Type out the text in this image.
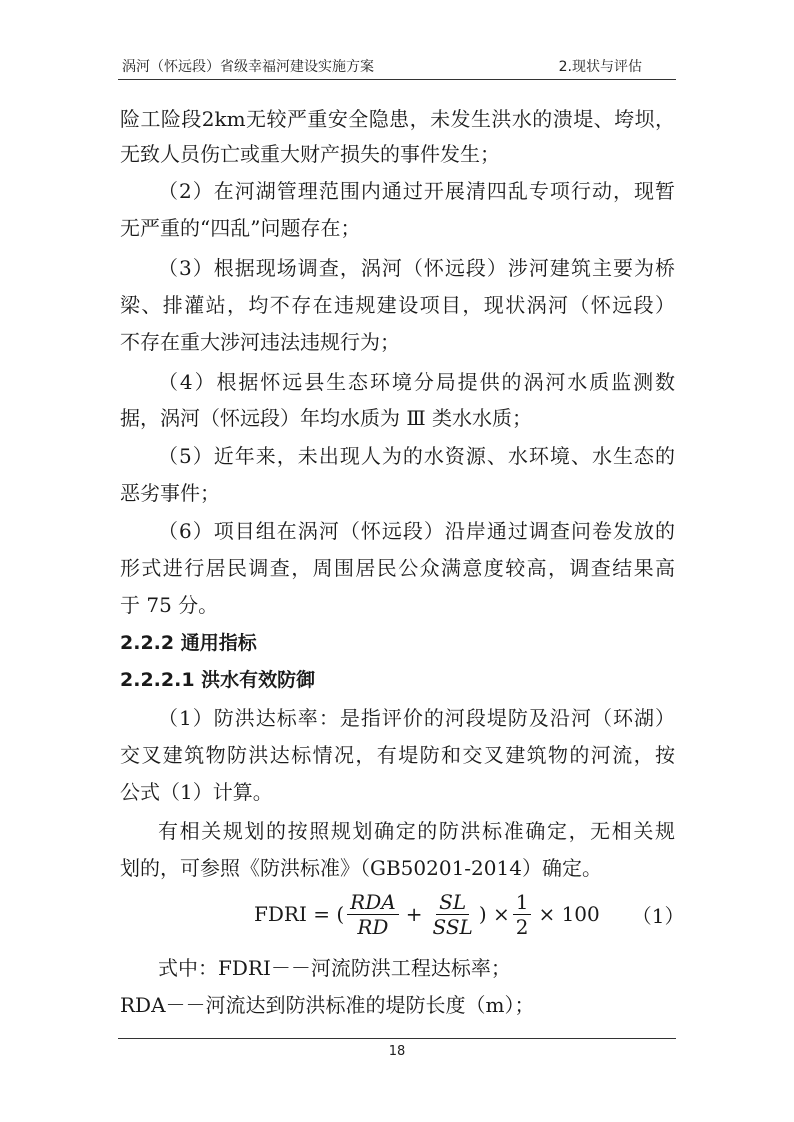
涡河（怀远段）省级幸福河建设实施方案	2.现状与评估
险工险段2km无较严重安全隐患，未发生洪水的溃堤、垮坝，
无致人员伤亡或重大财产损失的事件发生；
（2）在河湖管理范围内通过开展清四乱专项行动，现暂
无严重的“四乱”问题存在；
（3）根据现场调查，涡河（怀远段）涉河建筑主要为桥
梁、排灌站，均不存在违规建设项目，现状涡河（怀远段）
不存在重大涉河违法违规行为；
（4）根据怀远县生态环境分局提供的涡河水质监测数
据，涡河（怀远段）年均水质为 Ⅲ 类水水质；
（5）近年来，未出现人为的水资源、水环境、水生态的
恶劣事件；
（6）项目组在涡河（怀远段）沿岸通过调查问卷发放的
形式进行居民调查，周围居民公众满意度较高，调查结果高
于 75 分。
2.2.2 通用指标
2.2.2.1 洪水有效防御
（1）防洪达标率：是指评价的河段堤防及沿河（环湖）
交叉建筑物防洪达标情况，有堤防和交叉建筑物的河流，按
公式（1）计算。
有相关规划的按照规划确定的防洪标准确定，无相关规
划的，可参照《防洪标准》（GB50201-2014）确定。
FDRI = ( $\frac{\text{RDA}}{RD} + \frac{SL}{\text{SSL}}$ ) × $\frac{1}{2} \times 100$ （1）
式中：FDRI－－河流防洪工程达标率；
RDA－－河流达到防洪标准的堤防长度（m）；
18
